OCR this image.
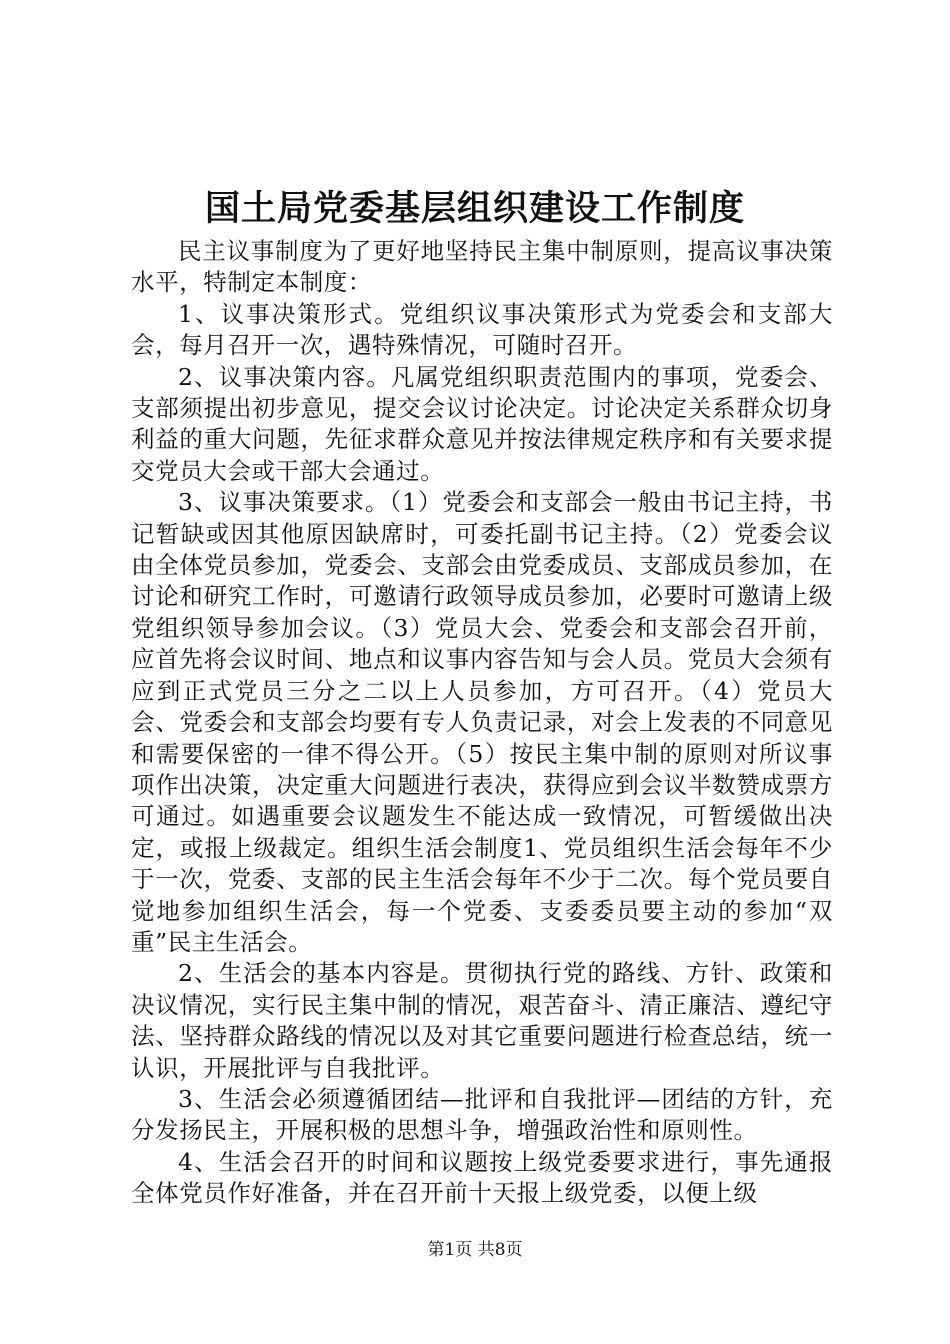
国土局党委基层组织建设工作制度

民主议事制度为了更好地坚持民主集中制原则，提高议事决策水平，特制定本制度：

1、议事决策形式。党组织议事决策形式为党委会和支部大会，每月召开一次，遇特殊情况，可随时召开。

2、议事决策内容。凡属党组织职责范围内的事项，党委会、支部须提出初步意见，提交会议讨论决定。讨论决定关系群众切身利益的重大问题，先征求群众意见并按法律规定秩序和有关要求提交党员大会或干部大会通过。

3、议事决策要求。（1）党委会和支部会一般由书记主持，书记暂缺或因其他原因缺席时，可委托副书记主持。（2）党委会议由全体党员参加，党委会、支部会由党委成员、支部成员参加，在讨论和研究工作时，可邀请行政领导成员参加，必要时可邀请上级党组织领导参加会议。（3）党员大会、党委会和支部会召开前，应首先将会议时间、地点和议事内容告知与会人员。党员大会须有应到正式党员三分之二以上人员参加，方可召开。（4）党员大会、党委会和支部会均要有专人负责记录，对会上发表的不同意见和需要保密的一律不得公开。（5）按民主集中制的原则对所议事项作出决策，决定重大问题进行表决，获得应到会议半数赞成票方可通过。如遇重要会议题发生不能达成一致情况，可暂缓做出决定，或报上级裁定。组织生活会制度1、党员组织生活会每年不少于一次，党委、支部的民主生活会每年不少于二次。每个党员要自觉地参加组织生活会，每一个党委、支委委员要主动的参加“双重”民主生活会。

2、生活会的基本内容是。贯彻执行党的路线、方针、政策和决议情况，实行民主集中制的情况，艰苦奋斗、清正廉洁、遵纪守法、坚持群众路线的情况以及对其它重要问题进行检查总结，统一认识，开展批评与自我批评。

3、生活会必须遵循团结—批评和自我批评—团结的方针，充分发扬民主，开展积极的思想斗争，增强政治性和原则性。

4、生活会召开的时间和议题按上级党委要求进行，事先通报全体党员作好准备，并在召开前十天报上级党委，以便上级

第1页 共8页
